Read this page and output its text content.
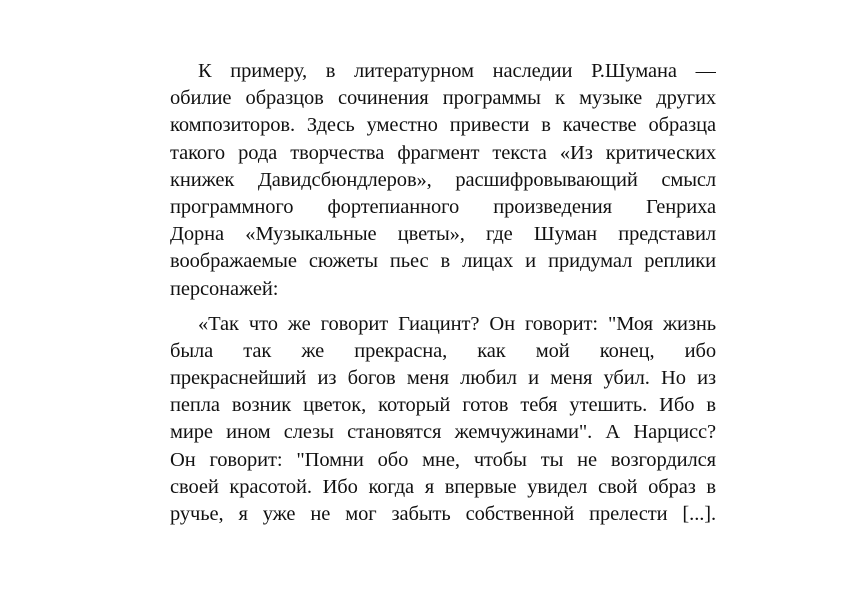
К примеру, в литературном наследии Р.Шумана —
обилие образцов сочинения программы к музыке других
композиторов. Здесь уместно привести в качестве образца
такого рода творчества фрагмент текста «Из критических
книжек Давидсбюндлеров», расшифровывающий смысл
программного фортепианного произведения Генриха
Дорна «Музыкальные цветы», где Шуман представил
воображаемые сюжеты пьес в лицах и придумал реплики
персонажей:
«Так что же говорит Гиацинт? Он говорит: "Моя жизнь
была так же прекрасна, как мой конец, ибо
прекраснейший из богов меня любил и меня убил. Но из
пепла возник цветок, который готов тебя утешить. Ибо в
мире ином слезы становятся жемчужинами". А Нарцисс?
Он говорит: "Помни обо мне, чтобы ты не возгордился
своей красотой. Ибо когда я впервые увидел свой образ в
ручье, я уже не мог забыть собственной прелести [...].
